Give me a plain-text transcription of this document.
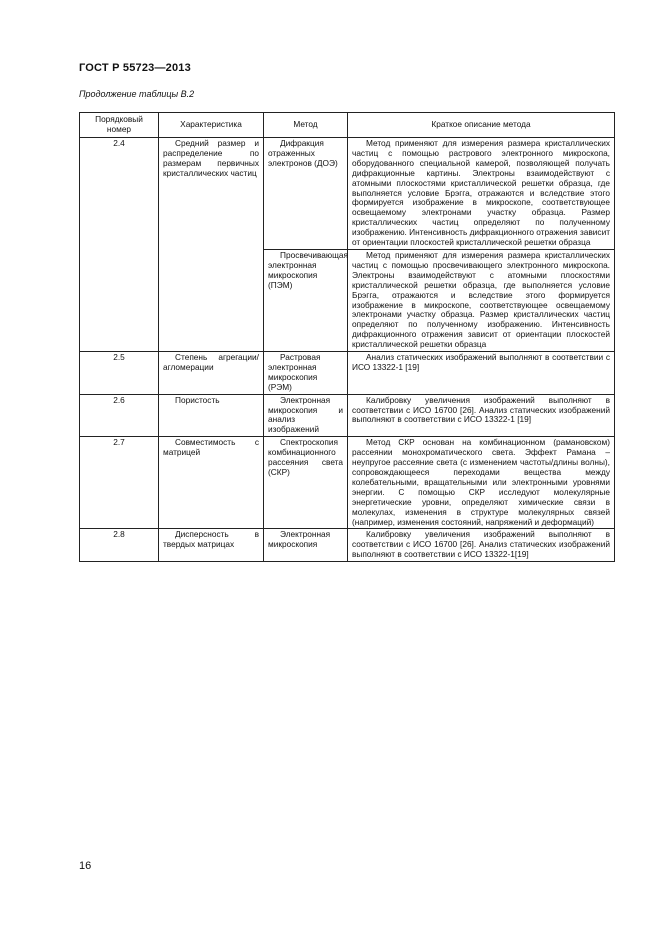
ГОСТ Р 55723—2013
Продолжение таблицы В.2
Порядковый номер	Характеристика	Метод	Краткое описание метода
2.4	Средний размер и распределение по размерам первичных кристаллических частиц	Дифракция отраженных электронов (ДОЭ)	Метод применяют для измерения размера кристаллических частиц с помощью растрового электронного микроскопа, оборудованного специальной камерой, позволяющей получать дифракционные картины. Электроны взаимодействуют с атомными плоскостями кристаллической решетки образца, где выполняется условие Брэгга, отражаются и вследствие этого формируется изображение в микроскопе, соответствующее освещаемому электронами участку образца. Размер кристаллических частиц определяют по полученному изображению. Интенсивность дифракционного отражения зависит от ориентации плоскостей кристаллической решетки образца
		Просвечивающая электронная микроскопия (ПЭМ)	Метод применяют для измерения размера кристаллических частиц с помощью просвечивающего электронного микроскопа. Электроны взаимодействуют с атомными плоскостями кристаллической решетки образца, где выполняется условие Брэгга, отражаются и вследствие этого формируется изображение в микроскопе, соответствующее освещаемому электронами участку образца. Размер кристаллических частиц определяют по полученному изображению. Интенсивность дифракционного отражения зависит от ориентации плоскостей кристаллической решетки образца
2.5	Степень агрегации/агломерации	Растровая электронная микроскопия (РЭМ)	Анализ статических изображений выполняют в соответствии с ИСО 13322-1 [19]
2.6	Пористость	Электронная микроскопия и анализ изображений	Калибровку увеличения изображений выполняют в соответствии с ИСО 16700 [26]. Анализ статических изображений выполняют в соответствии с ИСО 13322-1 [19]
2.7	Совместимость с матрицей	Спектроскопия комбинационного рассеяния света (СКР)	Метод СКР основан на комбинационном (рамановском) рассеянии монохроматического света. Эффект Рамана – неупругое рассеяние света (с изменением частоты/длины волны), сопровождающееся переходами вещества между колебательными, вращательными или электронными уровнями энергии. С помощью СКР исследуют молекулярные энергетические уровни, определяют химические связи в молекулах, изменения в структуре молекулярных связей (например, изменения состояний, напряжений и деформаций)
2.8	Дисперсность в твердых матрицах	Электронная микроскопия	Калибровку увеличения изображений выполняют в соответствии с ИСО 16700 [26]. Анализ статических изображений выполняют в соответствии с ИСО 13322-1[19]
16
